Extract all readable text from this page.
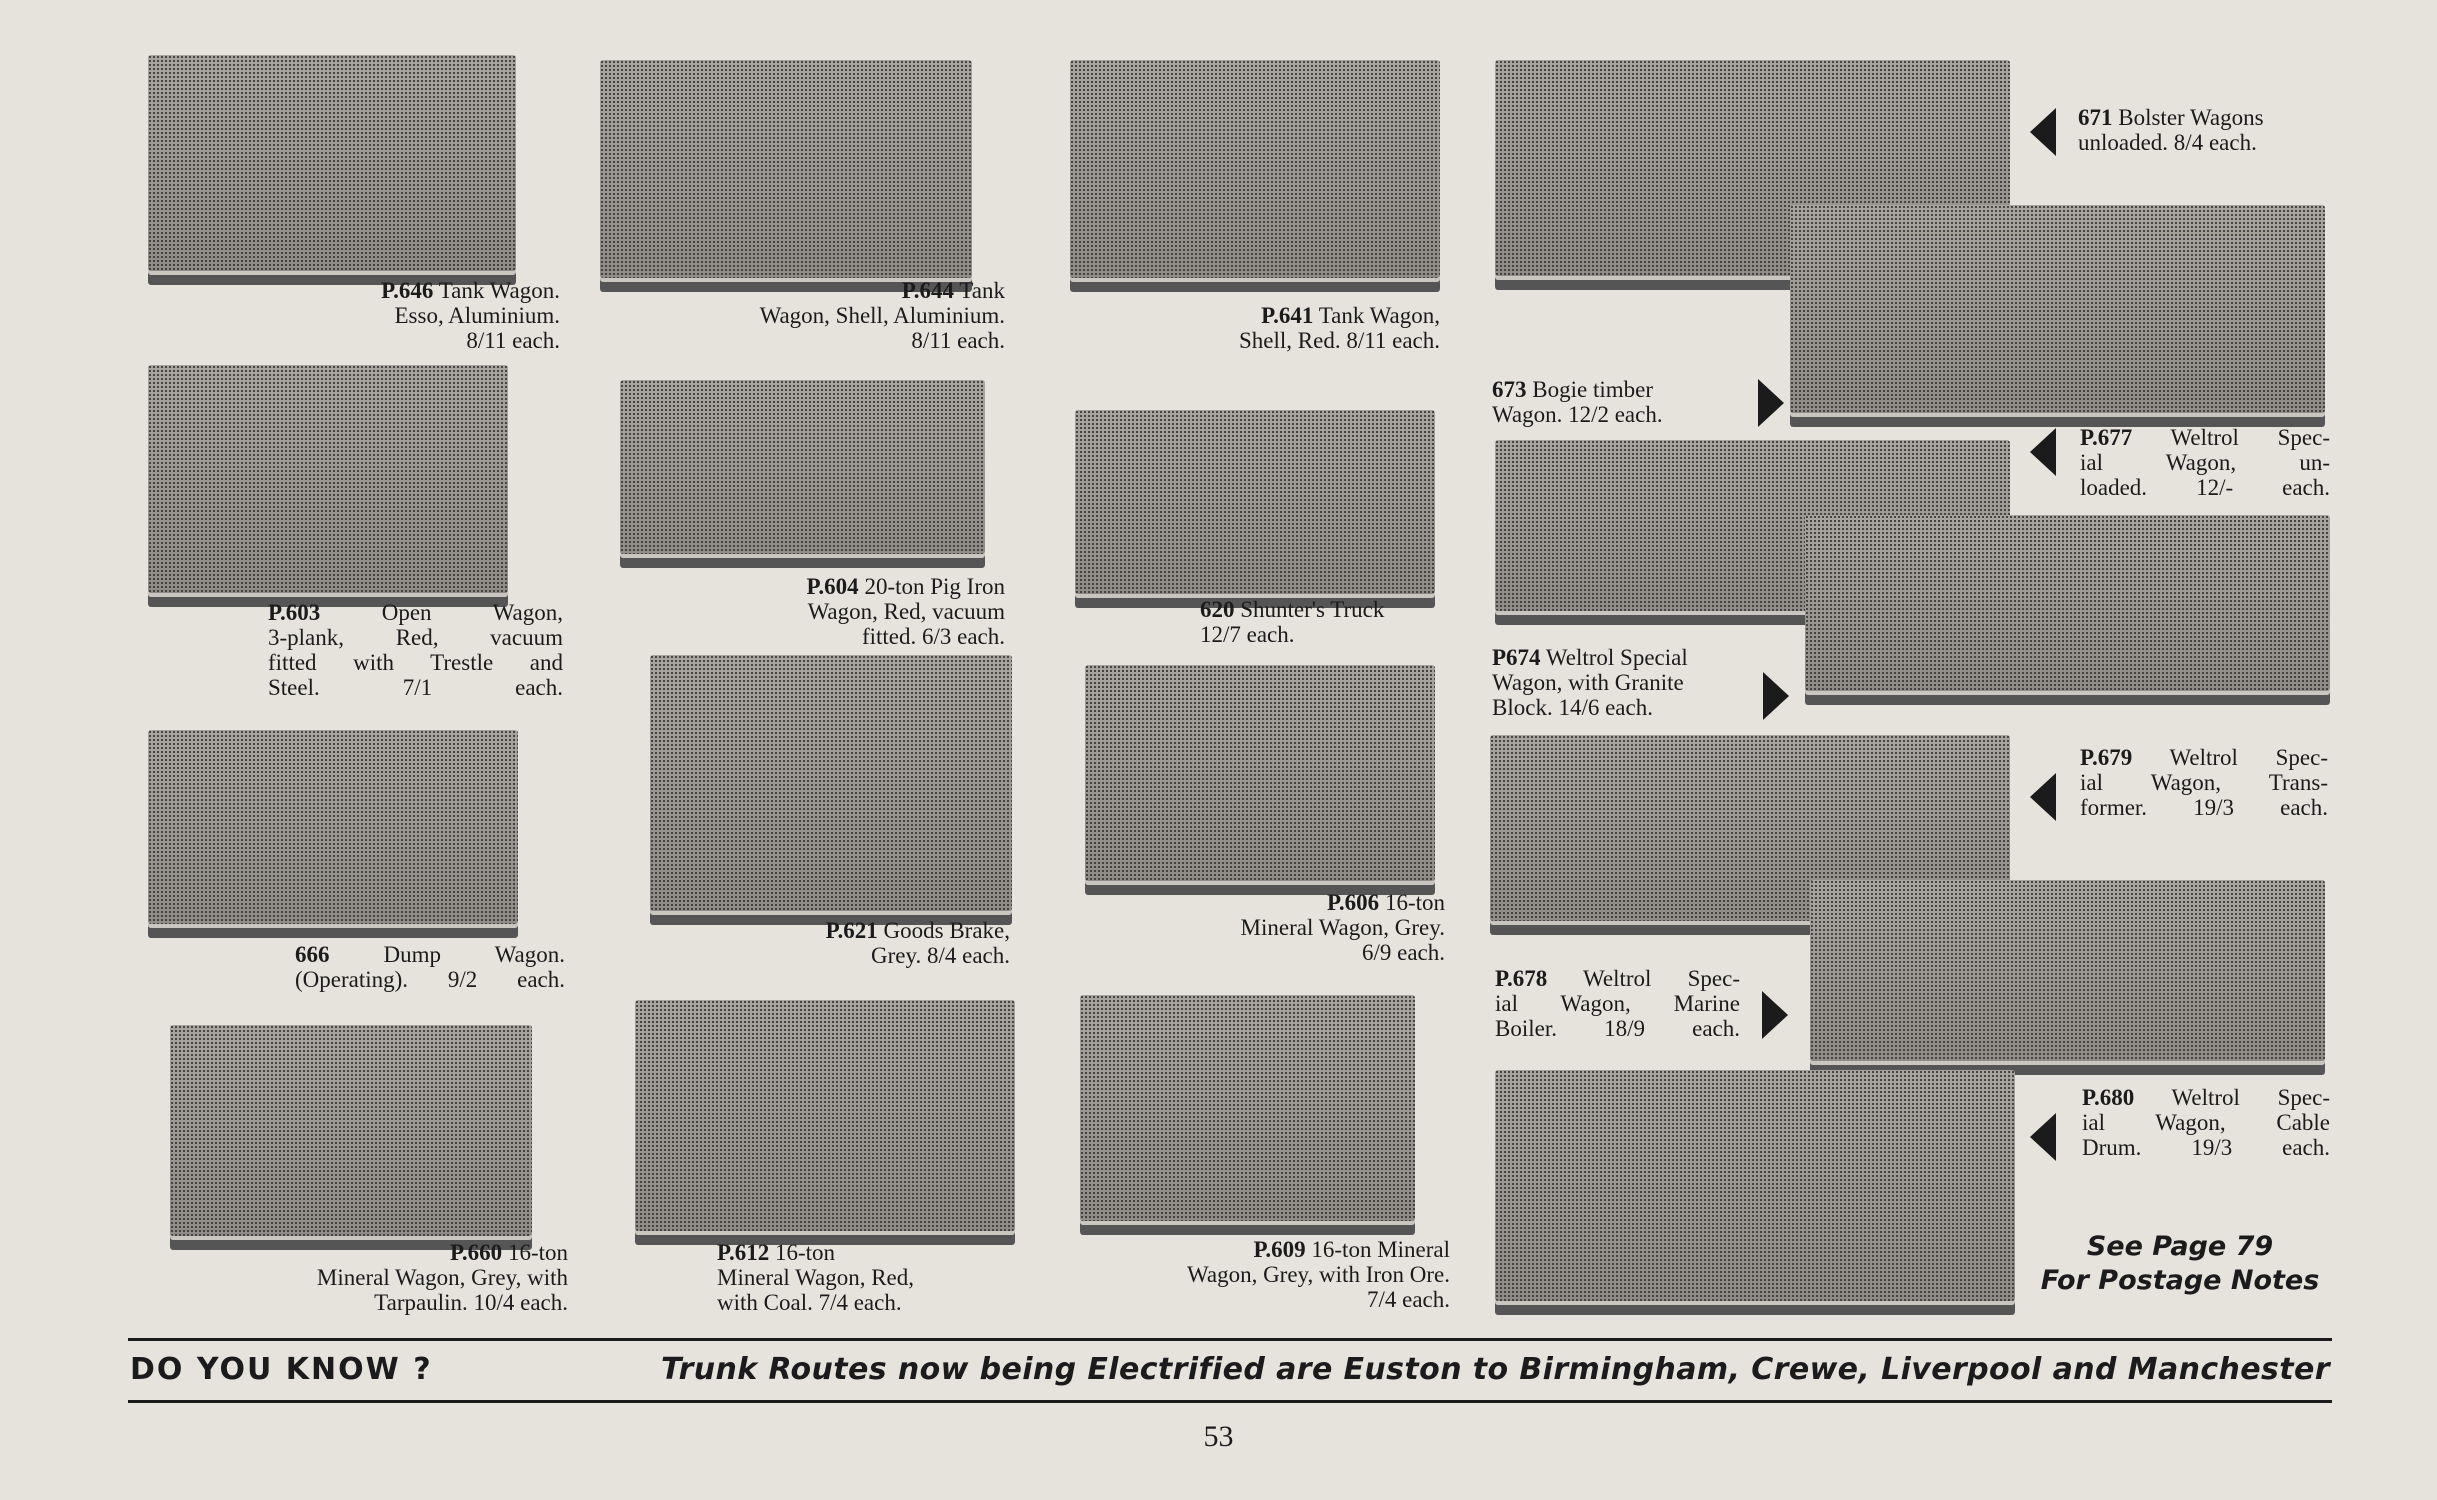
P.646 Tank Wagon.
Esso, Aluminium.
8/11 each.

P.644 Tank
Wagon, Shell, Aluminium.
8/11 each.

P.641 Tank Wagon,
Shell, Red. 8/11 each.

671 Bolster Wagons
unloaded. 8/4 each.

673 Bogie timber
Wagon. 12/2 each.

P.603	Open Wagon,
3-plank, Red, vacuum
fitted with Trestle and
Steel. 7/1 each.

P.604 20-ton Pig Iron
Wagon, Red, vacuum
fitted. 6/3 each.

620 Shunter's Truck
12/7 each.

P.677 Weltrol Spec-
ial Wagon, un-
loaded. 12/- each.

P674 Weltrol Special
Wagon, with Granite
Block. 14/6 each.

666 Dump Wagon.
(Operating). 9/2 each.

P.621 Goods Brake,
Grey. 8/4 each.

P.606 16-ton
Mineral Wagon, Grey.
6/9 each.

P.679 Weltrol Spec-
ial Wagon, Trans-
former. 19/3 each.

P.678 Weltrol Spec-
ial Wagon, Marine
Boiler. 18/9 each.

P.660 16-ton
Mineral Wagon, Grey, with
Tarpaulin. 10/4 each.

P.612 16-ton
Mineral Wagon, Red,
with Coal. 7/4 each.

P.609 16-ton Mineral
Wagon, Grey, with Iron Ore.
7/4 each.

P.680 Weltrol Spec-
ial Wagon, Cable
Drum. 19/3 each.

See Page 79
For Postage Notes
DO YOU KNOW ?	Trunk Routes now being Electrified are Euston to Birmingham, Crewe, Liverpool and Manchester
53
